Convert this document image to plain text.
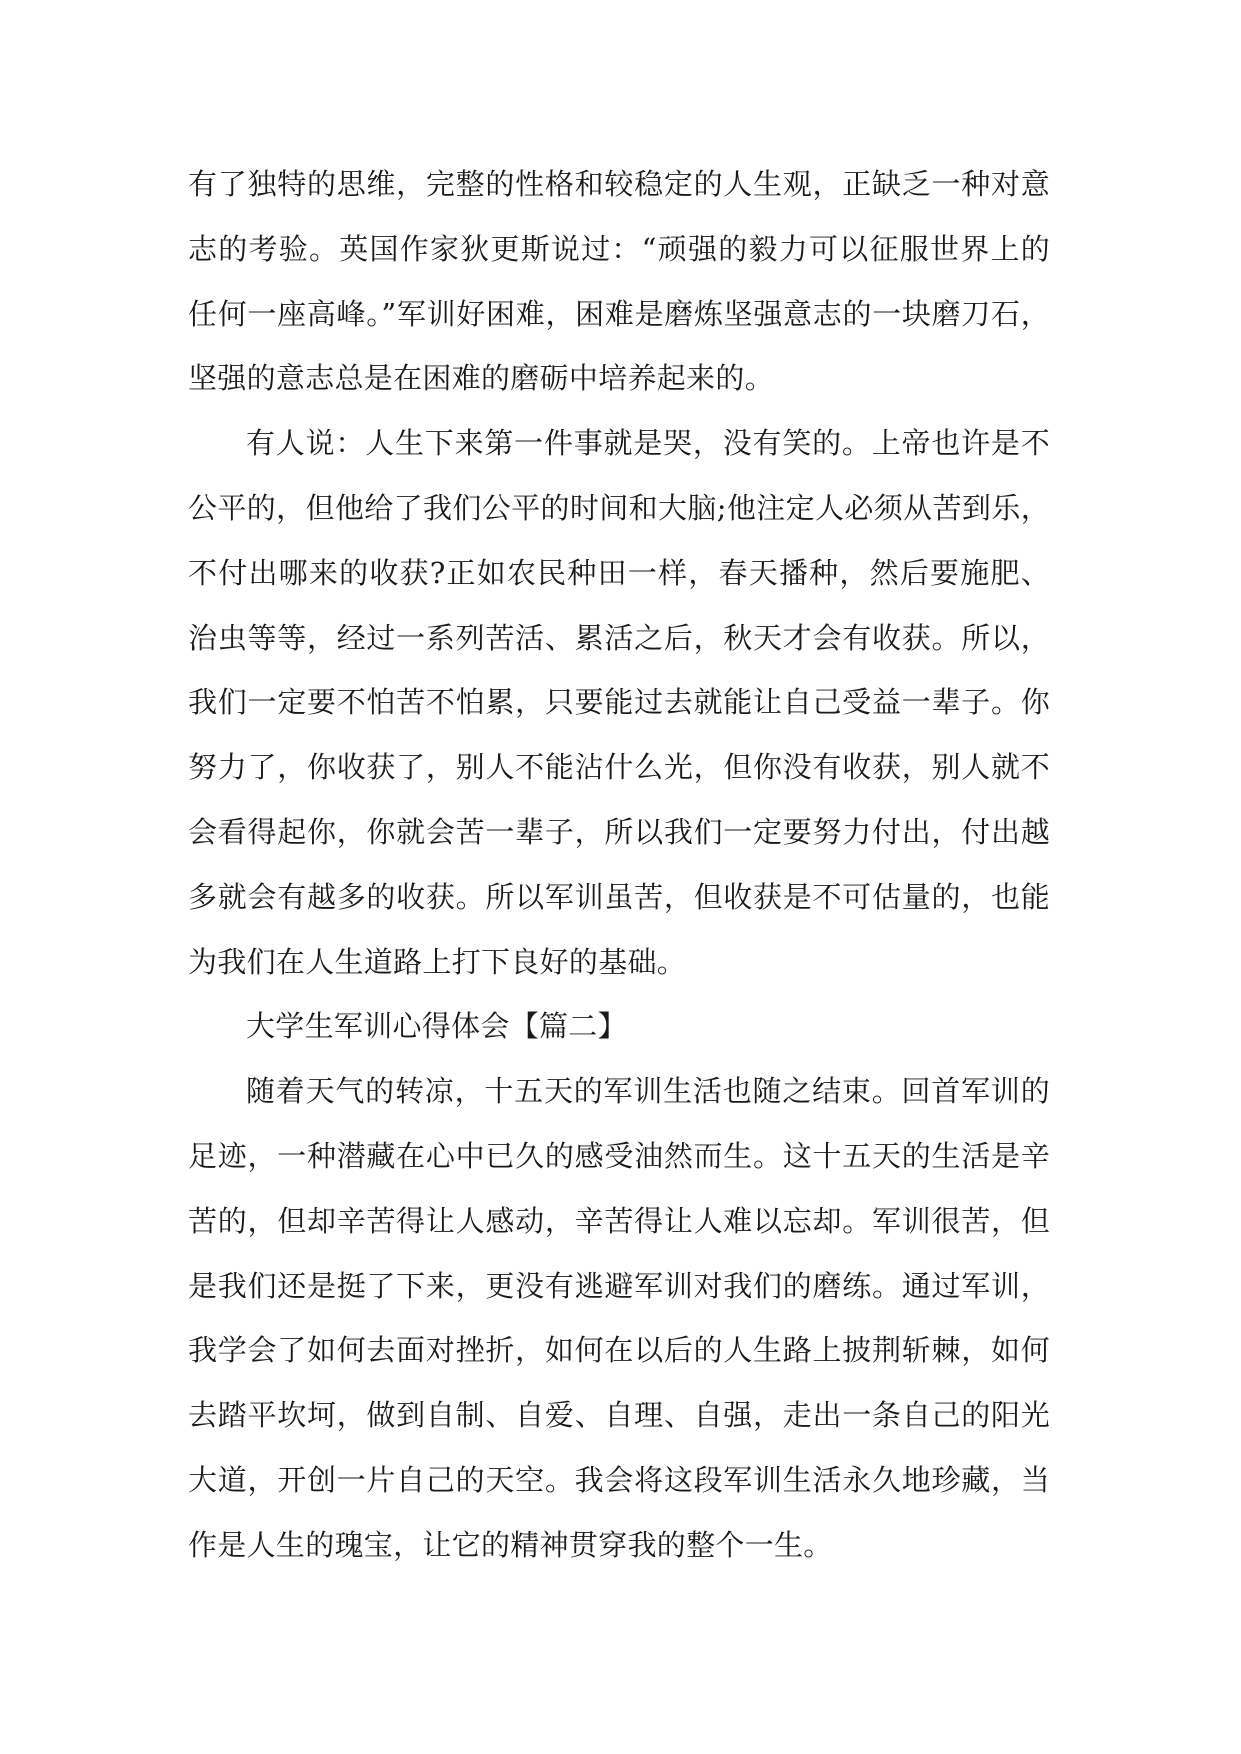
有了独特的思维，完整的性格和较稳定的人生观，正缺乏一种对意志的考验。英国作家狄更斯说过：“顽强的毅力可以征服世界上的任何一座高峰。”军训好困难，困难是磨炼坚强意志的一块磨刀石，坚强的意志总是在困难的磨砺中培养起来的。

有人说：人生下来第一件事就是哭，没有笑的。上帝也许是不公平的，但他给了我们公平的时间和大脑;他注定人必须从苦到乐，不付出哪来的收获?正如农民种田一样，春天播种，然后要施肥、治虫等等，经过一系列苦活、累活之后，秋天才会有收获。所以，我们一定要不怕苦不怕累，只要能过去就能让自己受益一辈子。你努力了，你收获了，别人不能沾什么光，但你没有收获，别人就不会看得起你，你就会苦一辈子，所以我们一定要努力付出，付出越多就会有越多的收获。所以军训虽苦，但收获是不可估量的，也能为我们在人生道路上打下良好的基础。

大学生军训心得体会【篇二】

随着天气的转凉，十五天的军训生活也随之结束。回首军训的足迹，一种潜藏在心中已久的感受油然而生。这十五天的生活是辛苦的，但却辛苦得让人感动，辛苦得让人难以忘却。军训很苦，但是我们还是挺了下来，更没有逃避军训对我们的磨练。通过军训，我学会了如何去面对挫折，如何在以后的人生路上披荆斩棘，如何去踏平坎坷，做到自制、自爱、自理、自强，走出一条自己的阳光大道，开创一片自己的天空。我会将这段军训生活永久地珍藏，当作是人生的瑰宝，让它的精神贯穿我的整个一生。
